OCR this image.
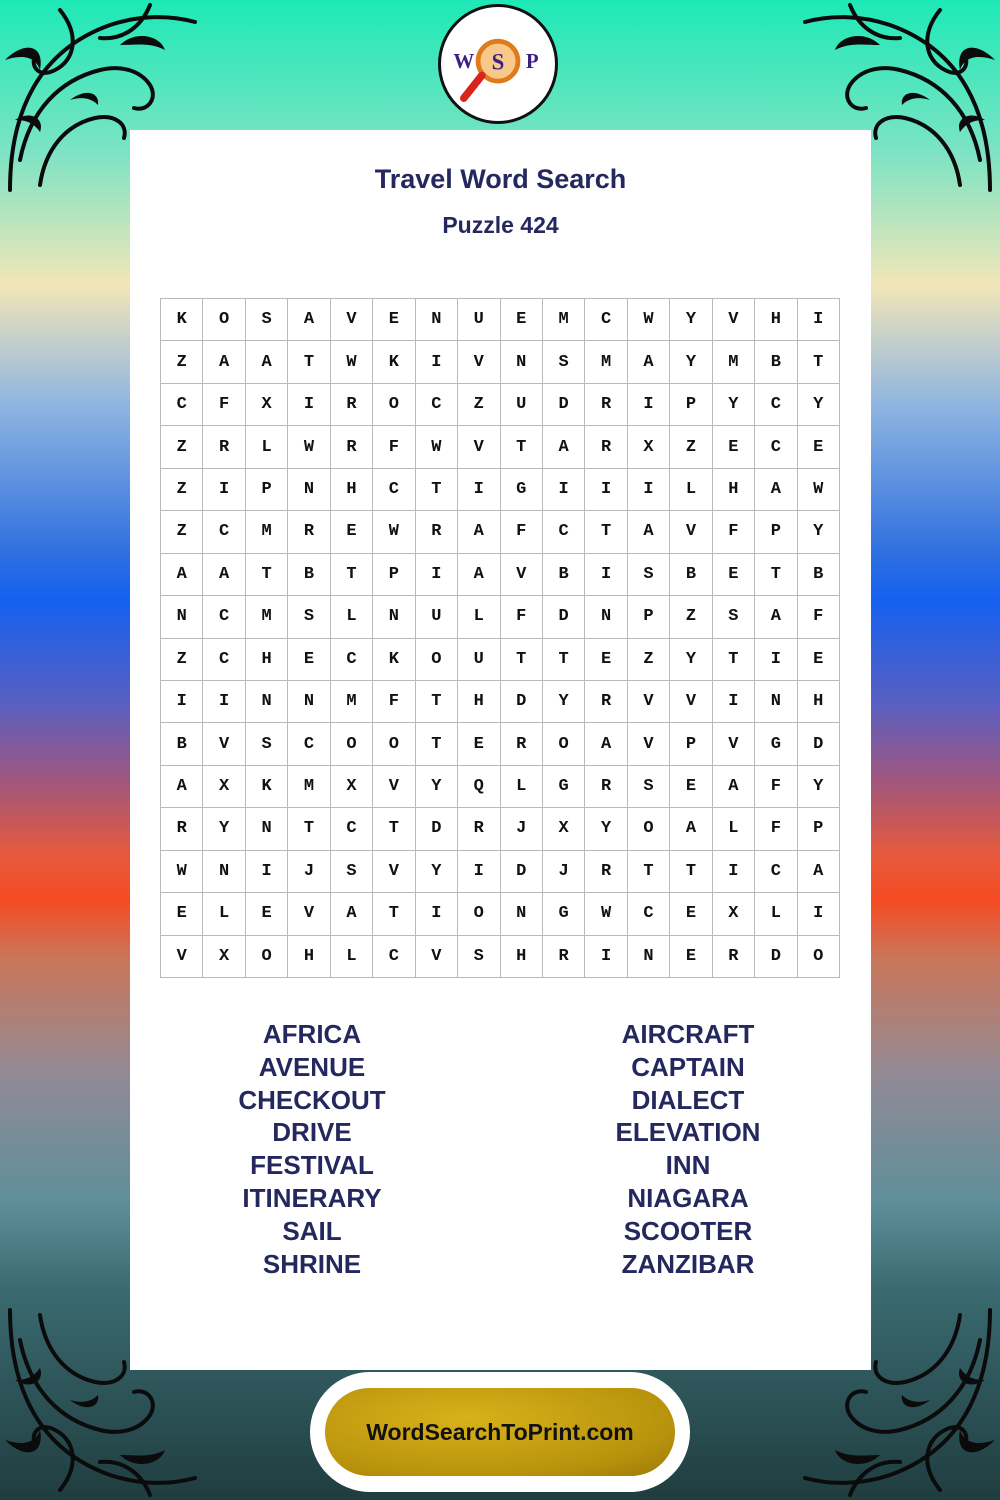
W S P
Travel Word Search
Puzzle 424
K	O	S	A	V	E	N	U	E	M	C	W	Y	V	H	I
Z	A	A	T	W	K	I	V	N	S	M	A	Y	M	B	T
C	F	X	I	R	O	C	Z	U	D	R	I	P	Y	C	Y
Z	R	L	W	R	F	W	V	T	A	R	X	Z	E	C	E
Z	I	P	N	H	C	T	I	G	I	I	I	L	H	A	W
Z	C	M	R	E	W	R	A	F	C	T	A	V	F	P	Y
A	A	T	B	T	P	I	A	V	B	I	S	B	E	T	B
N	C	M	S	L	N	U	L	F	D	N	P	Z	S	A	F
Z	C	H	E	C	K	O	U	T	T	E	Z	Y	T	I	E
I	I	N	N	M	F	T	H	D	Y	R	V	V	I	N	H
B	V	S	C	O	O	T	E	R	O	A	V	P	V	G	D
A	X	K	M	X	V	Y	Q	L	G	R	S	E	A	F	Y
R	Y	N	T	C	T	D	R	J	X	Y	O	A	L	F	P
W	N	I	J	S	V	Y	I	D	J	R	T	T	I	C	A
E	L	E	V	A	T	I	O	N	G	W	C	E	X	L	I
V	X	O	H	L	C	V	S	H	R	I	N	E	R	D	O
AFRICA
AVENUE
CHECKOUT
DRIVE
FESTIVAL
ITINERARY
SAIL
SHRINE
AIRCRAFT
CAPTAIN
DIALECT
ELEVATION
INN
NIAGARA
SCOOTER
ZANZIBAR
WordSearchToPrint.com
